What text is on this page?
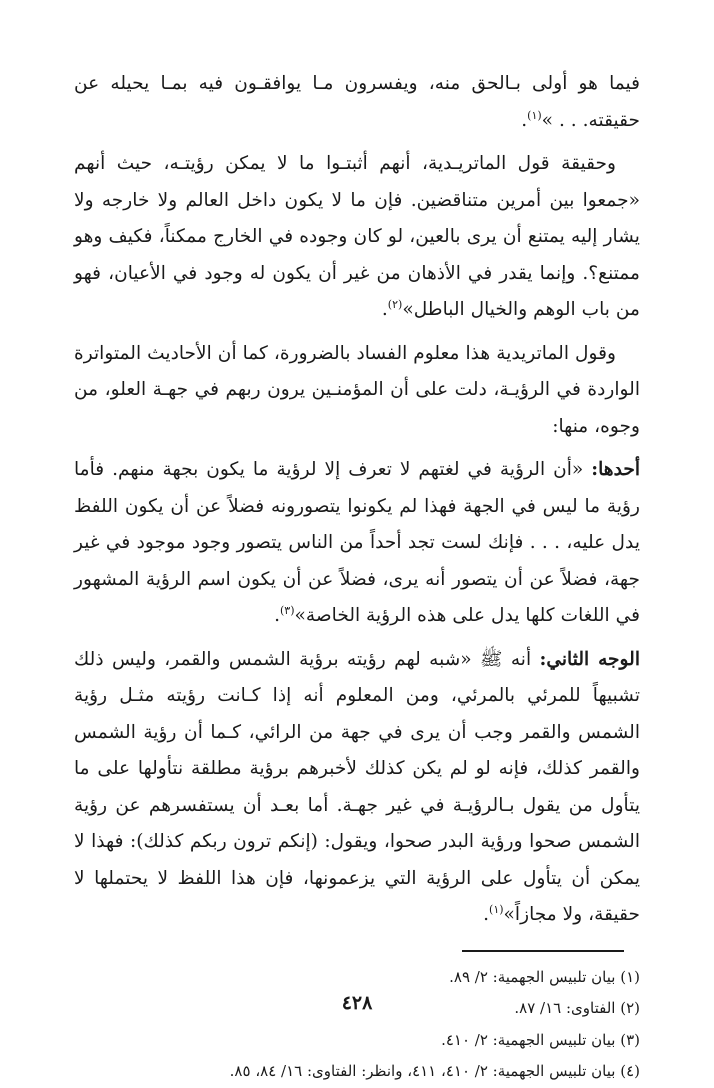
فيما هو أولى بـالحق منه، ويفسرون مـا يوافقـون فيه بمـا يحيله عن حقيقته. . . »$^{(١)}$.

وحقيقة قول الماتريـدية، أنهم أثبتـوا ما لا يمكن رؤيتـه، حيث أنهم «جمعوا بين أمرين متناقضين. فإن ما لا يكون داخل العالم ولا خارجه ولا يشار إليه يمتنع أن يرى بالعين، لو كان وجوده في الخارج ممكناً، فكيف وهو ممتنع؟. وإنما يقدر في الأذهان من غير أن يكون له وجود في الأعيان، فهو من باب الوهم والخيال الباطل»$^{(٢)}$.

وقول الماتريدية هذا معلوم الفساد بالضرورة، كما أن الأحاديث المتواترة الواردة في الرؤيـة، دلت على أن المؤمنـين يرون ربهم في جهـة العلو، من وجوه، منها:

أحدها: «أن الرؤية في لغتهم لا تعرف إلا لرؤية ما يكون بجهة منهم. فأما رؤية ما ليس في الجهة فهذا لم يكونوا يتصورونه فضلاً عن أن يكون اللفظ يدل عليه، . . . فإنك لست تجد أحداً من الناس يتصور وجود موجود في غير جهة، فضلاً عن أن يتصور أنه يرى، فضلاً عن أن يكون اسم الرؤية المشهور في اللغات كلها يدل على هذه الرؤية الخاصة»$^{(٣)}$.

الوجه الثاني: أنه ﷺ «شبه لهم رؤيته برؤية الشمس والقمر، وليس ذلك تشبيهاً للمرئي بالمرئي، ومن المعلوم أنه إذا كـانت رؤيته مثـل رؤية الشمس والقمر وجب أن يرى في جهة من الرائي، كـما أن رؤية الشمس والقمر كذلك، فإنه لو لم يكن كذلك لأخبرهم برؤية مطلقة نتأولها على ما يتأول من يقول بـالرؤيـة في غير جهـة. أما بعـد أن يستفسرهم عن رؤية الشمس صحوا ورؤية البدر صحوا، ويقول: (إنكم ترون ربكم كذلك): فهذا لا يمكن أن يتأول على الرؤية التي يزعمونها، فإن هذا اللفظ لا يحتملها لا حقيقة، ولا مجازاً»$^{(١)}$.

(١) بيان تلبيس الجهمية: ٢/ ٨٩.
(٢) الفتاوى: ١٦/ ٨٧.
(٣) بيان تلبيس الجهمية: ٢/ ٤١٠.
(٤) بيان تلبيس الجهمية: ٢/ ٤١٠، ٤١١، وانظر: الفتاوى: ١٦/ ٨٤، ٨٥.
٤٢٨
